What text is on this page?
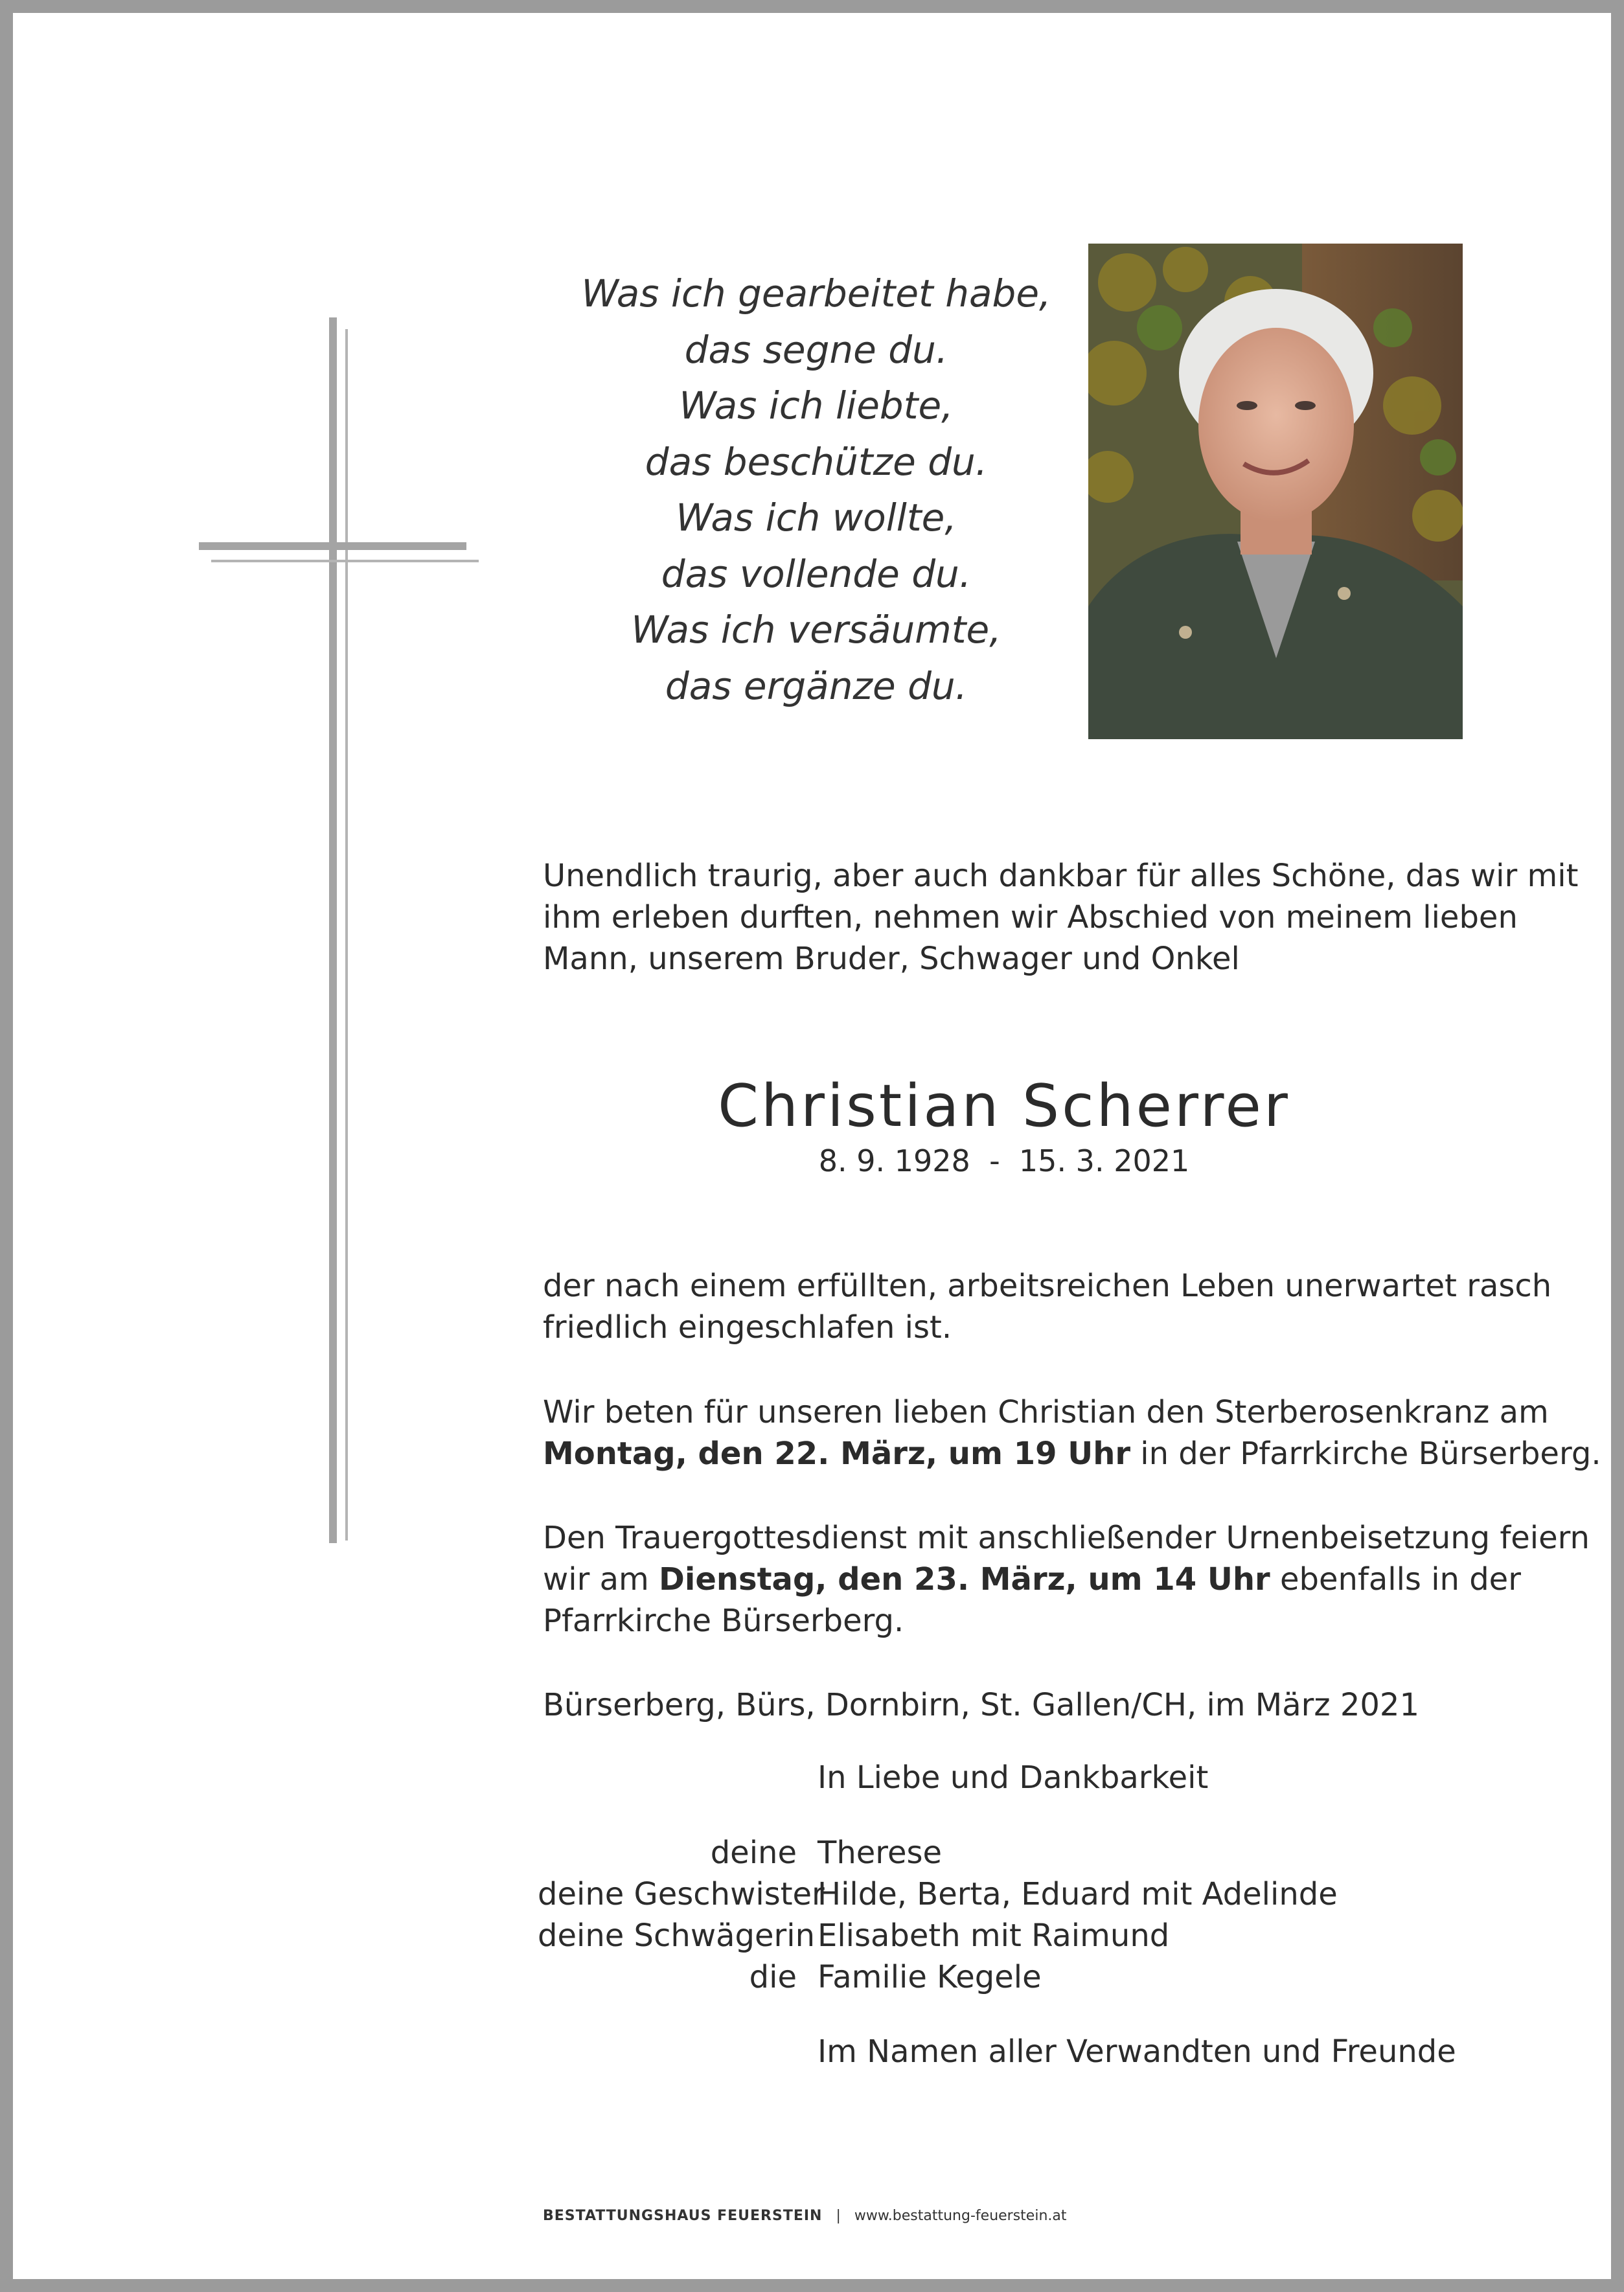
Was ich gearbeitet habe,
das segne du.
Was ich liebte,
das beschütze du.
Was ich wollte,
das vollende du.
Was ich versäumte,
das ergänze du.
Unendlich traurig, aber auch dankbar für alles Schöne, das wir mit
ihm erleben durften, nehmen wir Abschied von meinem lieben
Mann, unserem Bruder, Schwager und Onkel
Christian Scherrer
8. 9. 1928  -  15. 3. 2021
der nach einem erfüllten, arbeitsreichen Leben unerwartet rasch
friedlich eingeschlafen ist.
Wir beten für unseren lieben Christian den Sterberosenkranz am
Montag, den 22. März, um 19 Uhr in der Pfarrkirche Bürserberg.
Den Trauergottesdienst mit anschließender Urnenbeisetzung feiern
wir am Dienstag, den 23. März, um 14 Uhr ebenfalls in der
Pfarrkirche Bürserberg.
Bürserberg, Bürs, Dornbirn, St. Gallen/CH, im März 2021
In Liebe und Dankbarkeit
deine Therese
deine Geschwister
Hilde, Berta, Eduard mit Adelinde
deine Schwägerin Elisabeth mit Raimund
die Familie Kegele
Im Namen aller Verwandten und Freunde
BESTATTUNGSHAUS FEUERSTEIN | www.bestattung-feuerstein.at
